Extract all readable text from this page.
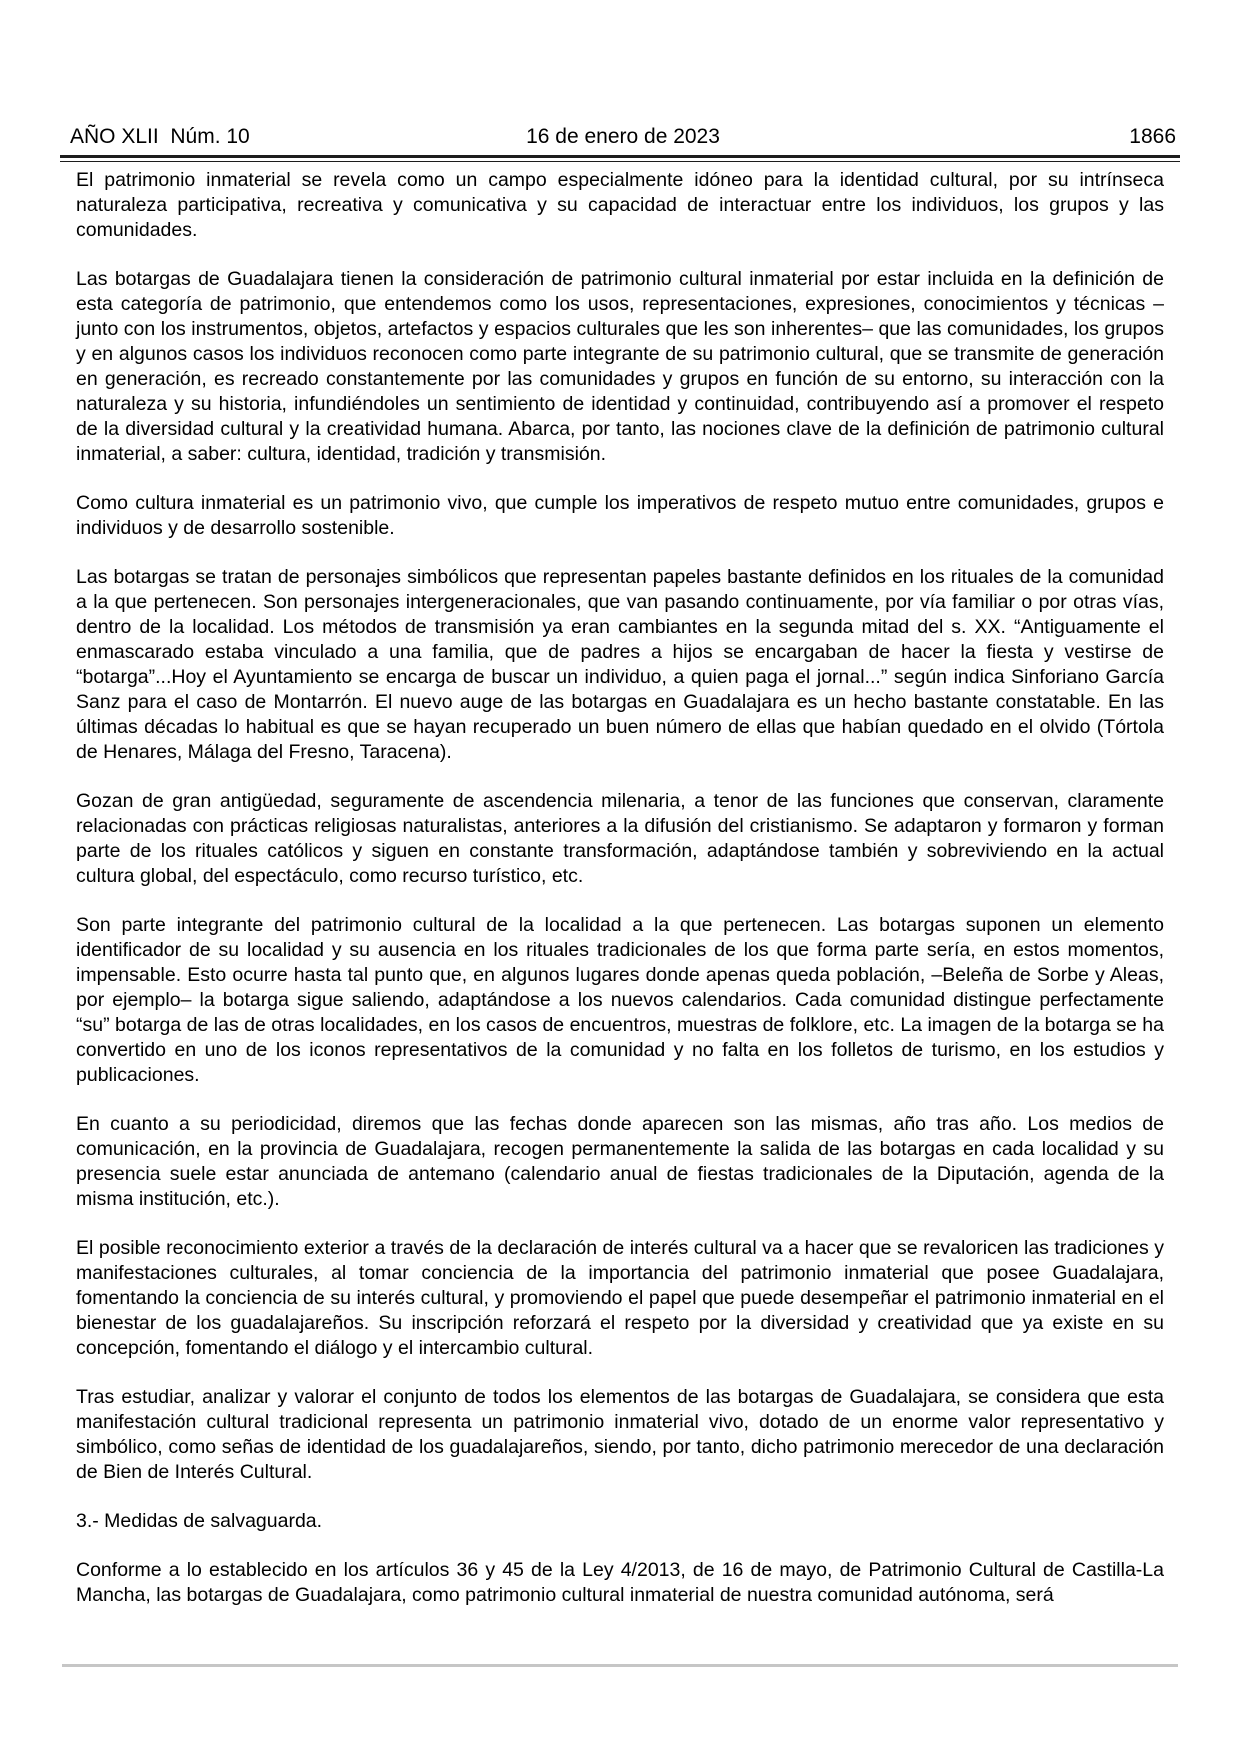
AÑO XLII  Núm. 10	16 de enero de 2023	1866

El patrimonio inmaterial se revela como un campo especialmente idóneo para la identidad cultural, por su intrínseca naturaleza participativa, recreativa y comunicativa y su capacidad de interactuar entre los individuos, los grupos y las comunidades.

Las botargas de Guadalajara tienen la consideración de patrimonio cultural inmaterial por estar incluida en la definición de esta categoría de patrimonio, que entendemos como los usos, representaciones, expresiones, conocimientos y técnicas –junto con los instrumentos, objetos, artefactos y espacios culturales que les son inherentes– que las comunidades, los grupos y en algunos casos los individuos reconocen como parte integrante de su patrimonio cultural, que se transmite de generación en generación, es recreado constantemente por las comunidades y grupos en función de su entorno, su interacción con la naturaleza y su historia, infundiéndoles un sentimiento de identidad y continuidad, contribuyendo así a promover el respeto de la diversidad cultural y la creatividad humana. Abarca, por tanto, las nociones clave de la definición de patrimonio cultural inmaterial, a saber: cultura, identidad, tradición y transmisión.

Como cultura inmaterial es un patrimonio vivo, que cumple los imperativos de respeto mutuo entre comunidades, grupos e individuos y de desarrollo sostenible.

Las botargas se tratan de personajes simbólicos que representan papeles bastante definidos en los rituales de la comunidad a la que pertenecen. Son personajes intergeneracionales, que van pasando continuamente, por vía familiar o por otras vías, dentro de la localidad. Los métodos de transmisión ya eran cambiantes en la segunda mitad del s. XX. “Antiguamente el enmascarado estaba vinculado a una familia, que de padres a hijos se encargaban de hacer la fiesta y vestirse de “botarga”...Hoy el Ayuntamiento se encarga de buscar un individuo, a quien paga el jornal...” según indica Sinforiano García Sanz para el caso de Montarrón. El nuevo auge de las botargas en Guadalajara es un hecho bastante constatable. En las últimas décadas lo habitual es que se hayan recuperado un buen número de ellas que habían quedado en el olvido (Tórtola de Henares, Málaga del Fresno, Taracena).

Gozan de gran antigüedad, seguramente de ascendencia milenaria, a tenor de las funciones que conservan, claramente relacionadas con prácticas religiosas naturalistas, anteriores a la difusión del cristianismo. Se adaptaron y formaron y forman parte de los rituales católicos y siguen en constante transformación, adaptándose también y sobreviviendo en la actual cultura global, del espectáculo, como recurso turístico, etc.

Son parte integrante del patrimonio cultural de la localidad a la que pertenecen. Las botargas suponen un elemento identificador de su localidad y su ausencia en los rituales tradicionales de los que forma parte sería, en estos momentos, impensable. Esto ocurre hasta tal punto que, en algunos lugares donde apenas queda población, –Beleña de Sorbe y Aleas, por ejemplo– la botarga sigue saliendo, adaptándose a los nuevos calendarios. Cada comunidad distingue perfectamente “su” botarga de las de otras localidades, en los casos de encuentros, muestras de folklore, etc. La imagen de la botarga se ha convertido en uno de los iconos representativos de la comunidad y no falta en los folletos de turismo, en los estudios y publicaciones.

En cuanto a su periodicidad, diremos que las fechas donde aparecen son las mismas, año tras año. Los medios de comunicación, en la provincia de Guadalajara, recogen permanentemente la salida de las botargas en cada localidad y su presencia suele estar anunciada de antemano (calendario anual de fiestas tradicionales de la Diputación, agenda de la misma institución, etc.).

El posible reconocimiento exterior a través de la declaración de interés cultural va a hacer que se revaloricen las tradiciones y manifestaciones culturales, al tomar conciencia de la importancia del patrimonio inmaterial que posee Guadalajara, fomentando la conciencia de su interés cultural, y promoviendo el papel que puede desempeñar el patrimonio inmaterial en el bienestar de los guadalajareños. Su inscripción reforzará el respeto por la diversidad y creatividad que ya existe en su concepción, fomentando el diálogo y el intercambio cultural.

Tras estudiar, analizar y valorar el conjunto de todos los elementos de las botargas de Guadalajara, se considera que esta manifestación cultural tradicional representa un patrimonio inmaterial vivo, dotado de un enorme valor representativo y simbólico, como señas de identidad de los guadalajareños, siendo, por tanto, dicho patrimonio merecedor de una declaración de Bien de Interés Cultural.

3.- Medidas de salvaguarda.

Conforme a lo establecido en los artículos 36 y 45 de la Ley 4/2013, de 16 de mayo, de Patrimonio Cultural de Castilla-La Mancha, las botargas de Guadalajara, como patrimonio cultural inmaterial de nuestra comunidad autónoma, será
